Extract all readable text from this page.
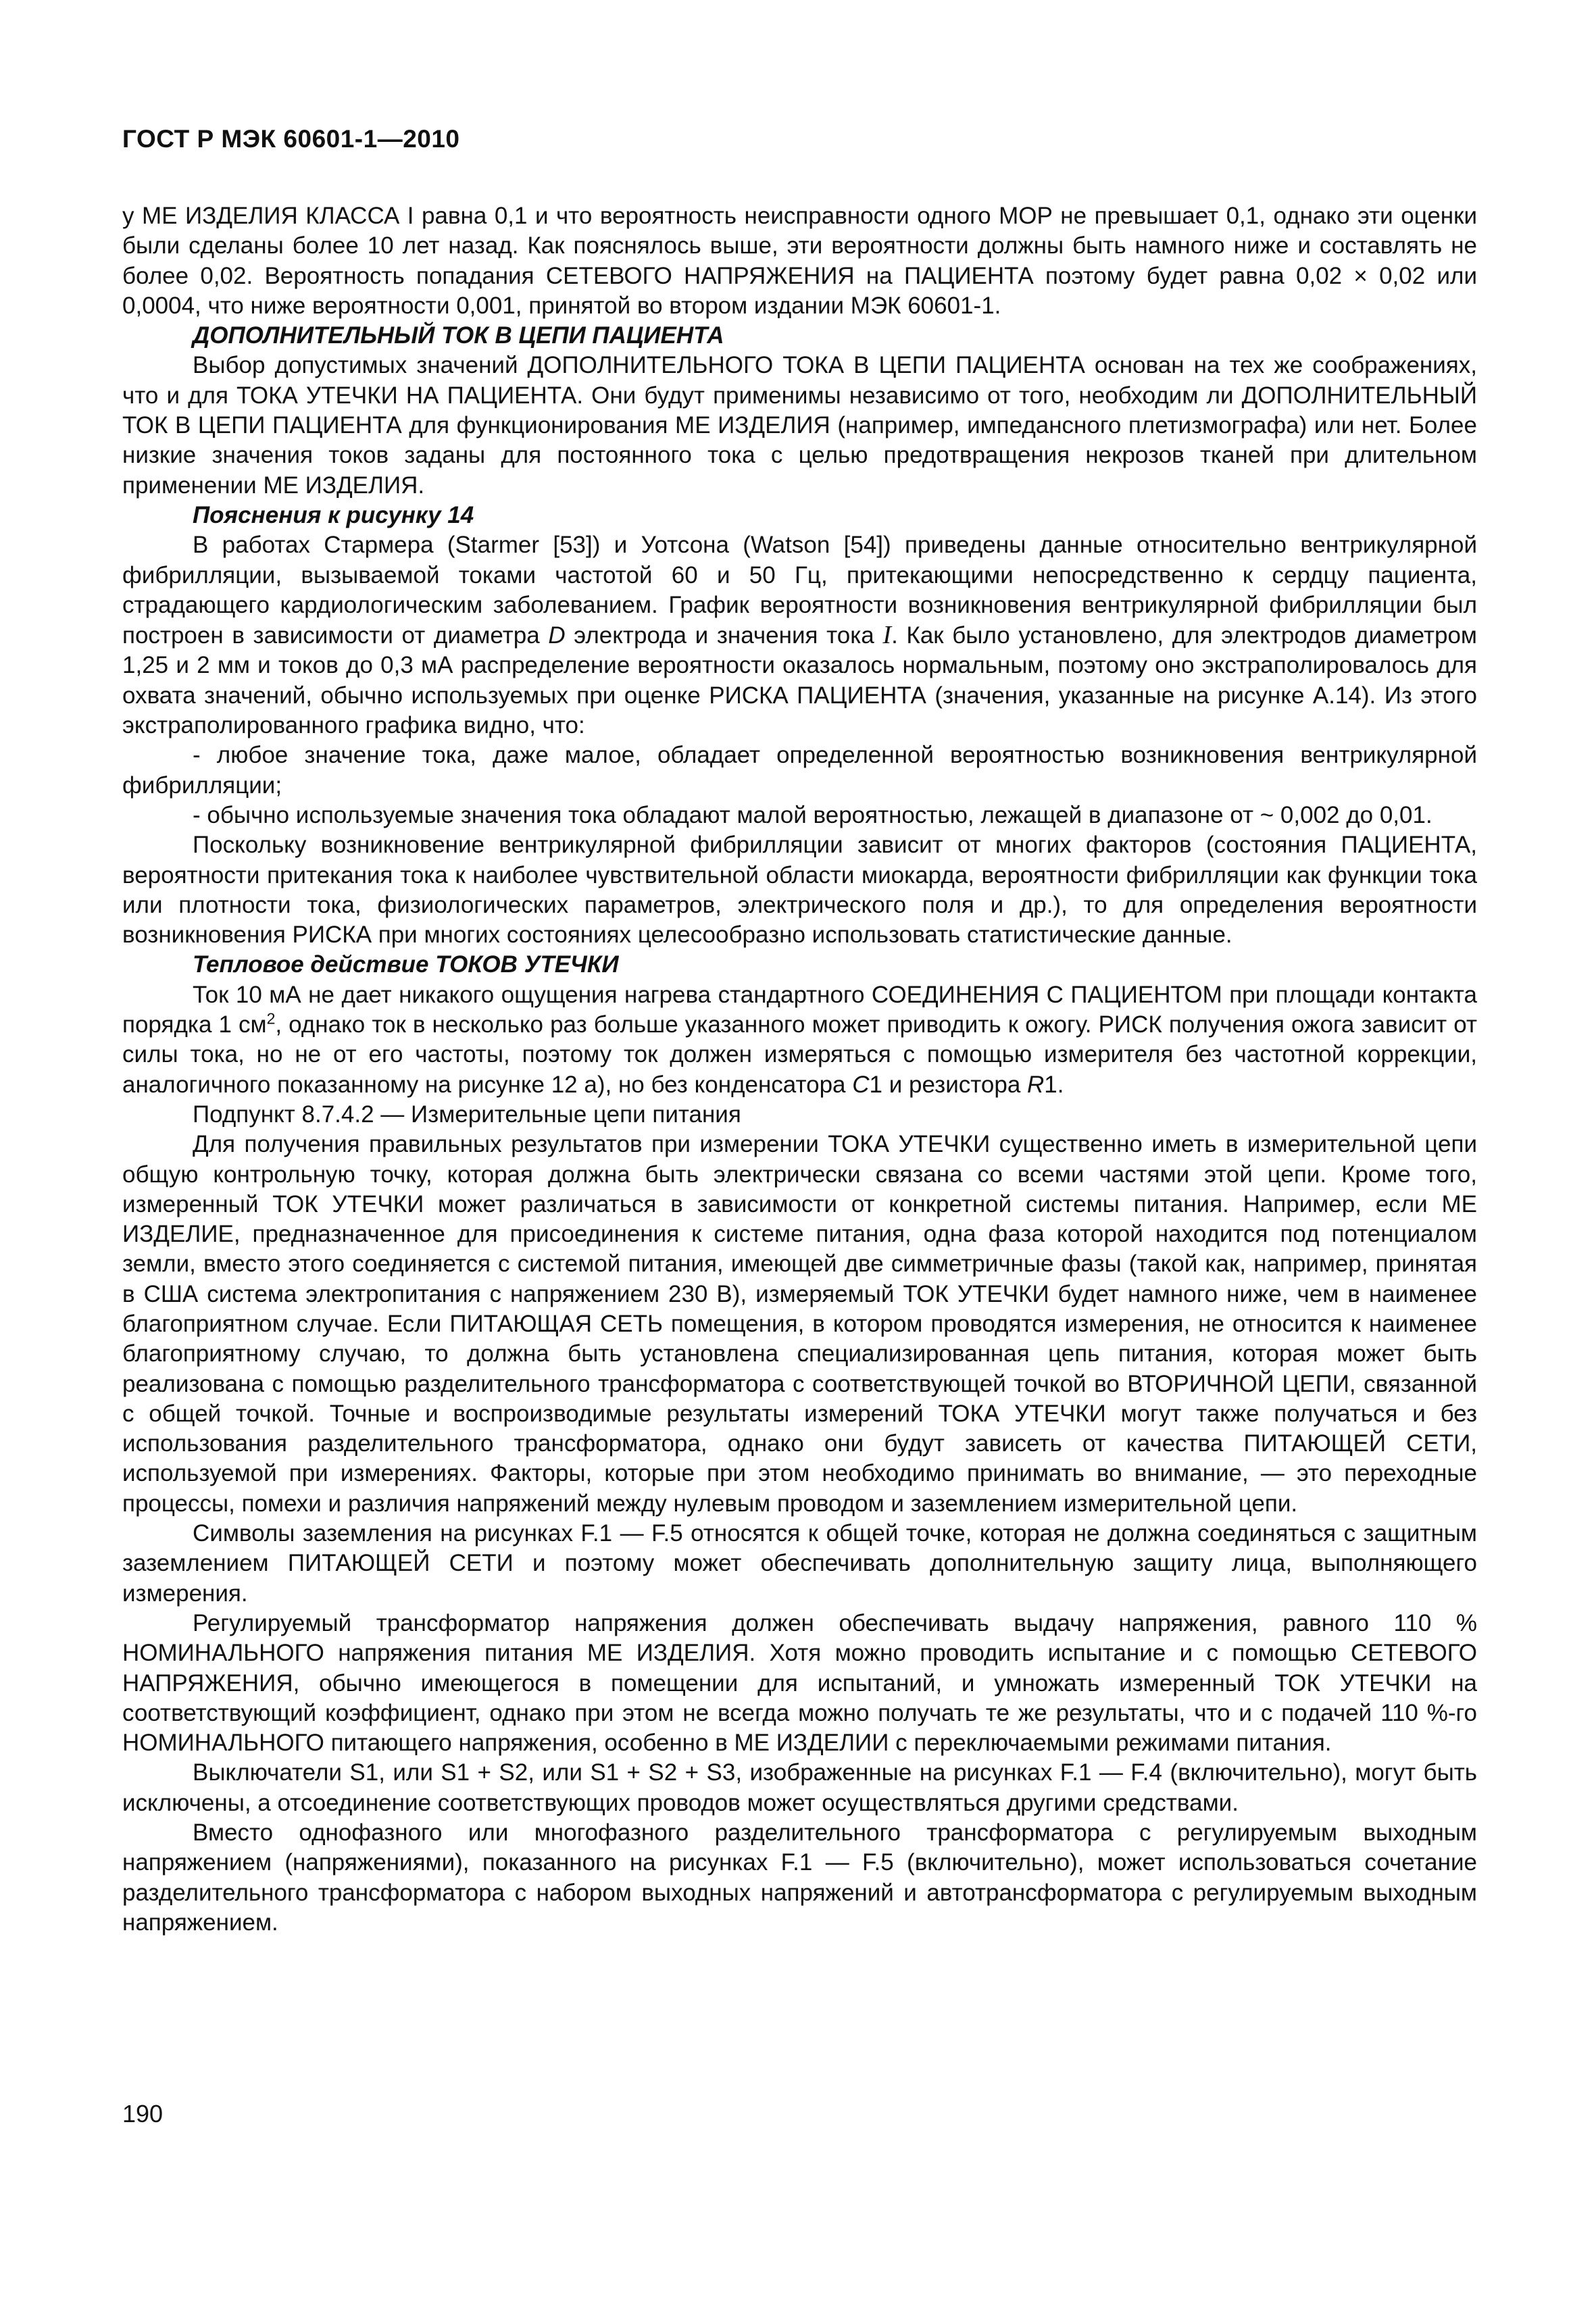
ГОСТ Р МЭК 60601-1—2010

у МЕ ИЗДЕЛИЯ КЛАССА I равна 0,1 и что вероятность неисправности одного МОР не превышает 0,1, однако эти оценки были сделаны более 10 лет назад. Как пояснялось выше, эти вероятности должны быть намного ниже и составлять не более 0,02. Вероятность попадания СЕТЕВОГО НАПРЯЖЕНИЯ на ПАЦИЕНТА поэтому будет равна 0,02 × 0,02 или 0,0004, что ниже вероятности 0,001, принятой во втором издании МЭК 60601-1.

ДОПОЛНИТЕЛЬНЫЙ ТОК В ЦЕПИ ПАЦИЕНТА

Выбор допустимых значений ДОПОЛНИТЕЛЬНОГО ТОКА В ЦЕПИ ПАЦИЕНТА основан на тех же соображениях, что и для ТОКА УТЕЧКИ НА ПАЦИЕНТА. Они будут применимы независимо от того, необходим ли ДОПОЛНИТЕЛЬНЫЙ ТОК В ЦЕПИ ПАЦИЕНТА для функционирования МЕ ИЗДЕЛИЯ (например, импедансного плетизмографа) или нет. Более низкие значения токов заданы для постоянного тока с целью предотвращения некрозов тканей при длительном применении МЕ ИЗДЕЛИЯ.

Пояснения к рисунку 14

В работах Стармера (Starmer [53]) и Уотсона (Watson [54]) приведены данные относительно вентрикулярной фибрилляции, вызываемой токами частотой 60 и 50 Гц, притекающими непосредственно к сердцу пациента, страдающего кардиологическим заболеванием. График вероятности возникновения вентрикулярной фибрилляции был построен в зависимости от диаметра D электрода и значения тока I. Как было установлено, для электродов диаметром 1,25 и 2 мм и токов до 0,3 мА распределение вероятности оказалось нормальным, поэтому оно экстраполировалось для охвата значений, обычно используемых при оценке РИСКА ПАЦИЕНТА (значения, указанные на рисунке А.14). Из этого экстраполированного графика видно, что:

- любое значение тока, даже малое, обладает определенной вероятностью возникновения вентрикулярной фибрилляции;

- обычно используемые значения тока обладают малой вероятностью, лежащей в диапазоне от ~ 0,002 до 0,01.

Поскольку возникновение вентрикулярной фибрилляции зависит от многих факторов (состояния ПАЦИЕНТА, вероятности притекания тока к наиболее чувствительной области миокарда, вероятности фибрилляции как функции тока или плотности тока, физиологических параметров, электрического поля и др.), то для определения вероятности возникновения РИСКА при многих состояниях целесообразно использовать статистические данные.

Тепловое действие ТОКОВ УТЕЧКИ

Ток 10 мА не дает никакого ощущения нагрева стандартного СОЕДИНЕНИЯ С ПАЦИЕНТОМ при площади контакта порядка 1 $см^2$, однако ток в несколько раз больше указанного может приводить к ожогу. РИСК получения ожога зависит от силы тока, но не от его частоты, поэтому ток должен измеряться с помощью измерителя без частотной коррекции, аналогичного показанному на рисунке 12 а), но без конденсатора С1 и резистора R1.

Подпункт 8.7.4.2 — Измерительные цепи питания

Для получения правильных результатов при измерении ТОКА УТЕЧКИ существенно иметь в измерительной цепи общую контрольную точку, которая должна быть электрически связана со всеми частями этой цепи. Кроме того, измеренный ТОК УТЕЧКИ может различаться в зависимости от конкретной системы питания. Например, если МЕ ИЗДЕЛИЕ, предназначенное для присоединения к системе питания, одна фаза которой находится под потенциалом земли, вместо этого соединяется с системой питания, имеющей две симметричные фазы (такой как, например, принятая в США система электропитания с напряжением 230 В), измеряемый ТОК УТЕЧКИ будет намного ниже, чем в наименее благоприятном случае. Если ПИТАЮЩАЯ СЕТЬ помещения, в котором проводятся измерения, не относится к наименее благоприятному случаю, то должна быть установлена специализированная цепь питания, которая может быть реализована с помощью разделительного трансформатора с соответствующей точкой во ВТОРИЧНОЙ ЦЕПИ, связанной с общей точкой. Точные и воспроизводимые результаты измерений ТОКА УТЕЧКИ могут также получаться и без использования разделительного трансформатора, однако они будут зависеть от качества ПИТАЮЩЕЙ СЕТИ, используемой при измерениях. Факторы, которые при этом необходимо принимать во внимание, — это переходные процессы, помехи и различия напряжений между нулевым проводом и заземлением измерительной цепи.

Символы заземления на рисунках F.1 — F.5 относятся к общей точке, которая не должна соединяться с защитным заземлением ПИТАЮЩЕЙ СЕТИ и поэтому может обеспечивать дополнительную защиту лица, выполняющего измерения.

Регулируемый трансформатор напряжения должен обеспечивать выдачу напряжения, равного 110 % НОМИНАЛЬНОГО напряжения питания МЕ ИЗДЕЛИЯ. Хотя можно проводить испытание и с помощью СЕТЕВОГО НАПРЯЖЕНИЯ, обычно имеющегося в помещении для испытаний, и умножать измеренный ТОК УТЕЧКИ на соответствующий коэффициент, однако при этом не всегда можно получать те же результаты, что и с подачей 110 %-го НОМИНАЛЬНОГО питающего напряжения, особенно в МЕ ИЗДЕЛИИ с переключаемыми режимами питания.

Выключатели S1, или S1 + S2, или S1 + S2 + S3, изображенные на рисунках F.1 — F.4 (включительно), могут быть исключены, а отсоединение соответствующих проводов может осуществляться другими средствами.

Вместо однофазного или многофазного разделительного трансформатора с регулируемым выходным напряжением (напряжениями), показанного на рисунках F.1 — F.5 (включительно), может использоваться сочетание разделительного трансформатора с набором выходных напряжений и автотрансформатора с регулируемым выходным напряжением.

190
